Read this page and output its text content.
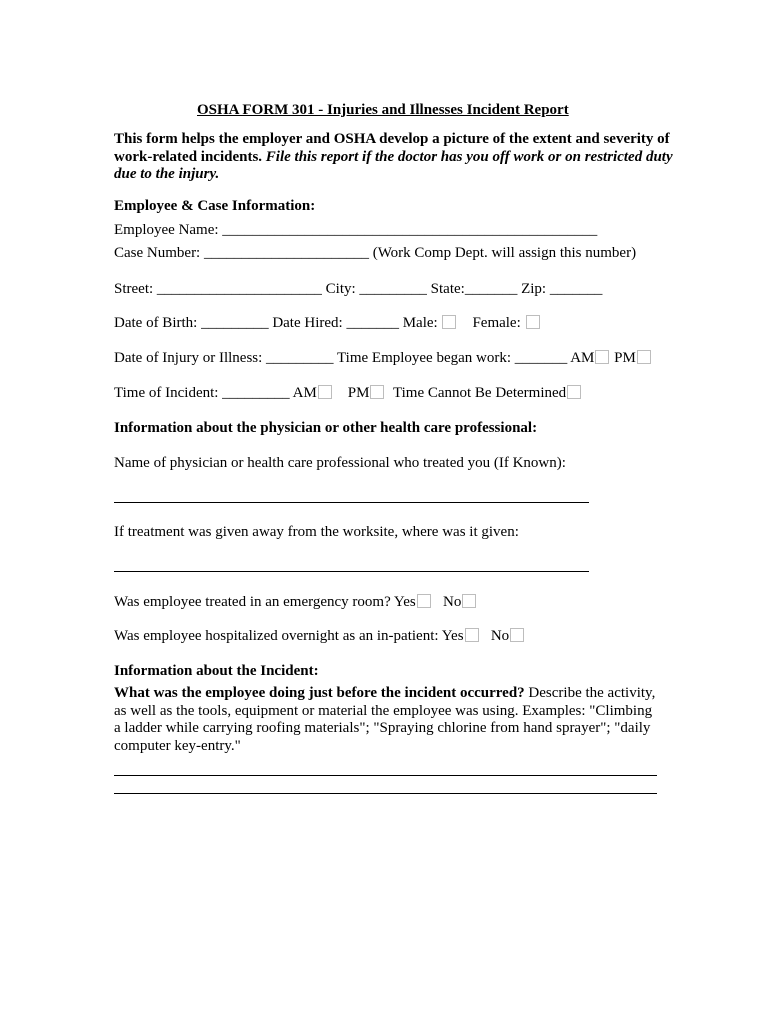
OSHA FORM 301 - Injuries and Illnesses Incident Report
This form helps the employer and OSHA develop a picture of the extent and severity of work-related incidents. File this report if the doctor has you off work or on restricted duty due to the injury.
Employee & Case Information:
Employee Name: __________________________________________________
Case Number: ______________________ (Work Comp Dept. will assign this number)
Street: ______________________ City: _________ State:_______ Zip: _______
Date of Birth: _________ Date Hired: _______ Male: Female:
Date of Injury or Illness: _________ Time Employee began work: _______ AM PM
Time of Incident: _________ AM PM Time Cannot Be Determined
Information about the physician or other health care professional:
Name of physician or health care professional who treated you (If Known):
If treatment was given away from the worksite, where was it given:
Was employee treated in an emergency room? Yes No
Was employee hospitalized overnight as an in-patient: Yes No
Information about the Incident:
What was the employee doing just before the incident occurred? Describe the activity, as well as the tools, equipment or material the employee was using. Examples: "Climbing a ladder while carrying roofing materials"; "Spraying chlorine from hand sprayer"; "daily computer key-entry."
